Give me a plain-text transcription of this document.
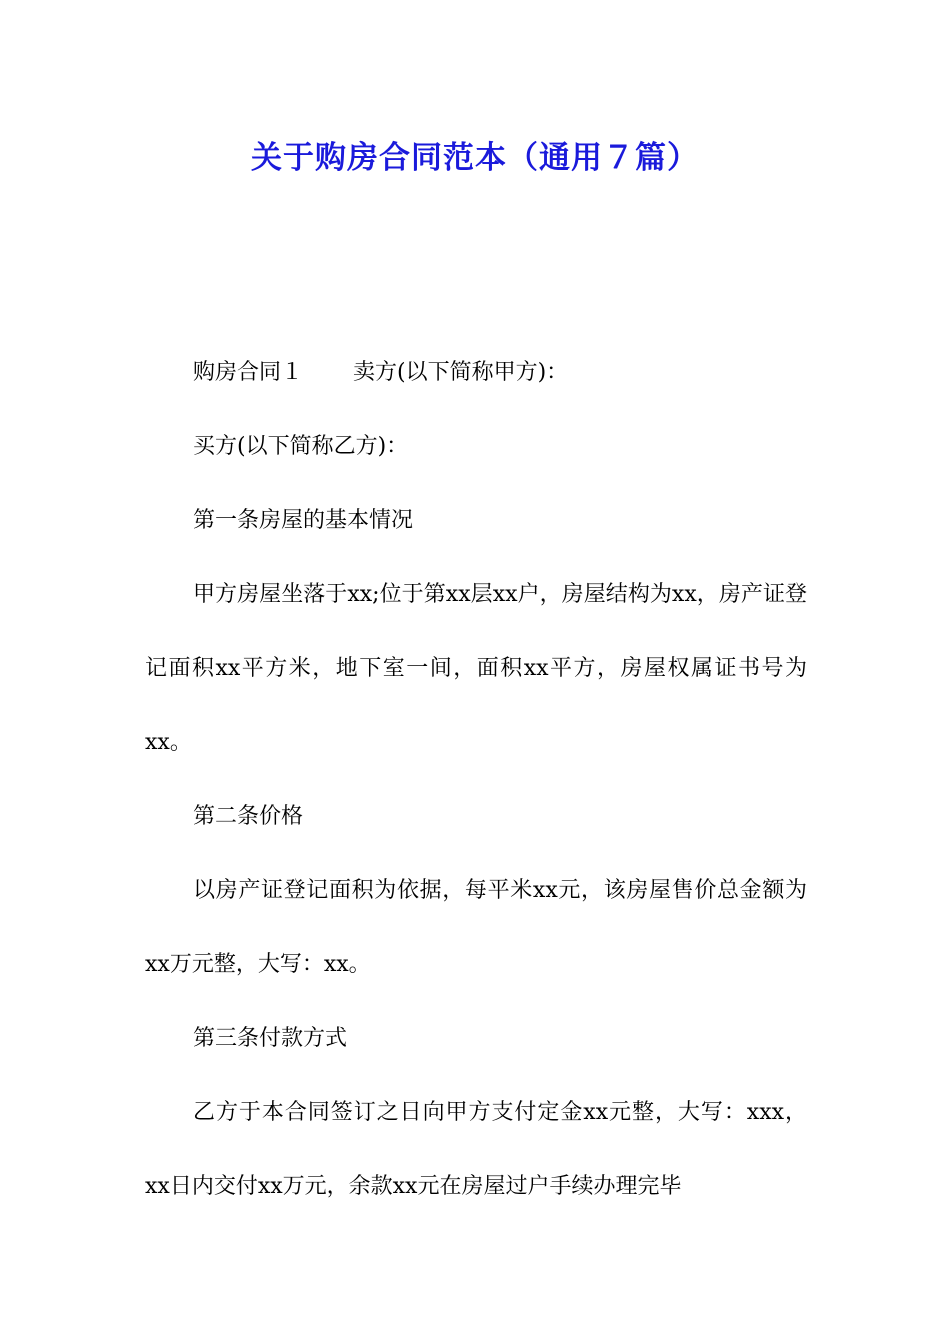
关于购房合同范本（通用７篇）

购房合同１ 卖方(以下简称甲方)：

买方(以下简称乙方)：

第一条房屋的基本情况

甲方房屋坐落于xx;位于第xx层xx户，房屋结构为xx，房产证登记面积xx平方米，地下室一间，面积xx平方，房屋权属证书号为xx。

第二条价格

以房产证登记面积为依据，每平米xx元，该房屋售价总金额为xx万元整，大写：xx。

第三条付款方式

乙方于本合同签订之日向甲方支付定金xx元整，大写：xxx，xx日内交付xx万元，余款xx元在房屋过户手续办理完毕
